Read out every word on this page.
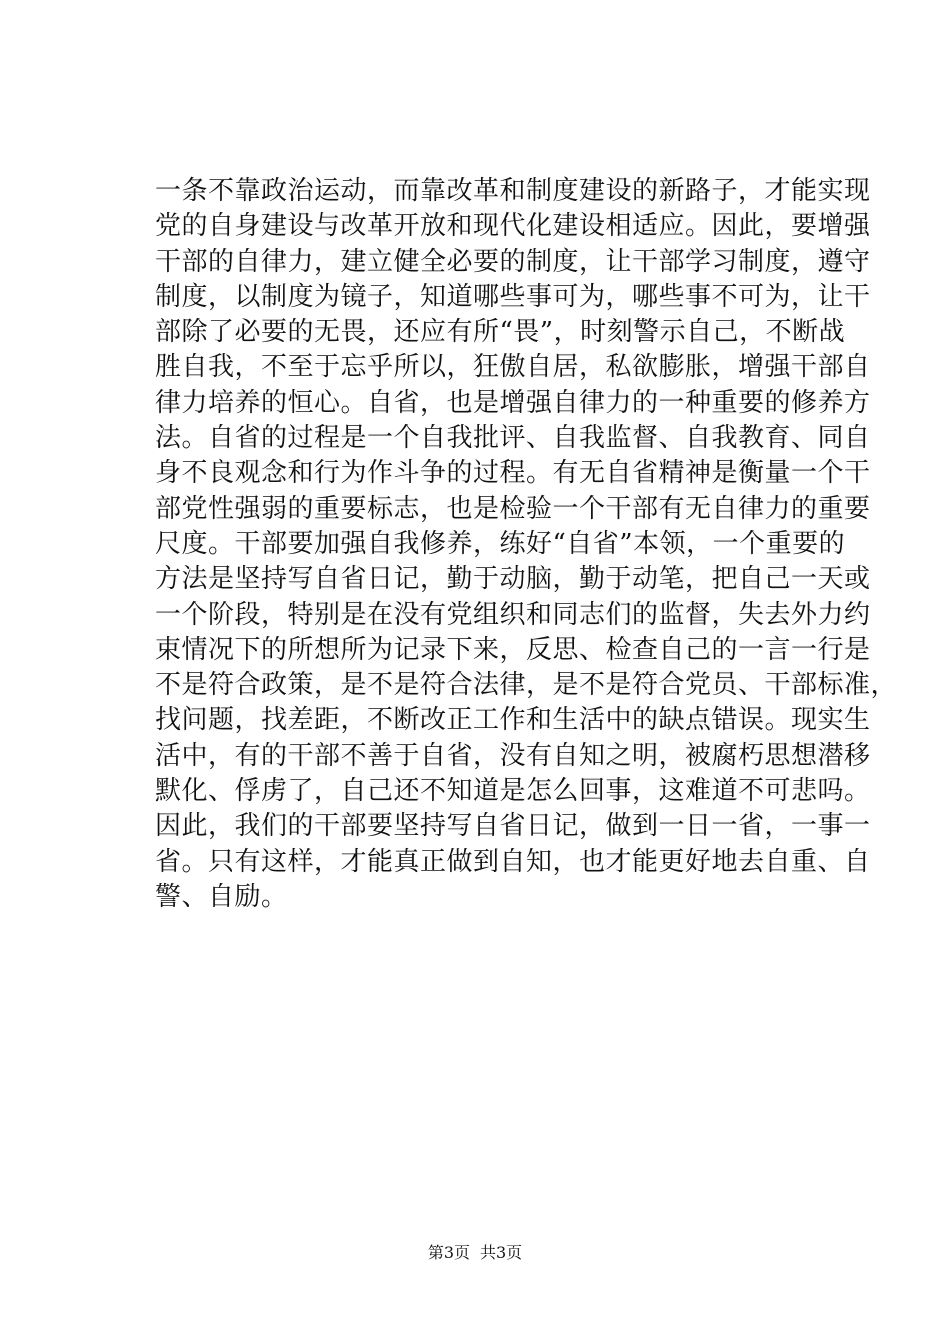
一条不靠政治运动，而靠改革和制度建设的新路子，才能实现
党的自身建设与改革开放和现代化建设相适应。因此，要增强
干部的自律力，建立健全必要的制度，让干部学习制度，遵守
制度，以制度为镜子，知道哪些事可为，哪些事不可为，让干
部除了必要的无畏，还应有所“畏”，时刻警示自己，不断战
胜自我，不至于忘乎所以，狂傲自居，私欲膨胀，增强干部自
律力培养的恒心。自省，也是增强自律力的一种重要的修养方
法。自省的过程是一个自我批评、自我监督、自我教育、同自
身不良观念和行为作斗争的过程。有无自省精神是衡量一个干
部党性强弱的重要标志，也是检验一个干部有无自律力的重要
尺度。干部要加强自我修养，练好“自省”本领，一个重要的
方法是坚持写自省日记，勤于动脑，勤于动笔，把自己一天或
一个阶段，特别是在没有党组织和同志们的监督，失去外力约
束情况下的所想所为记录下来，反思、检查自己的一言一行是
不是符合政策，是不是符合法律，是不是符合党员、干部标准，
找问题，找差距，不断改正工作和生活中的缺点错误。现实生
活中，有的干部不善于自省，没有自知之明，被腐朽思想潜移
默化、俘虏了，自己还不知道是怎么回事，这难道不可悲吗。
因此，我们的干部要坚持写自省日记，做到一日一省，一事一
省。只有这样，才能真正做到自知，也才能更好地去自重、自
警、自励。
第3页 共3页
